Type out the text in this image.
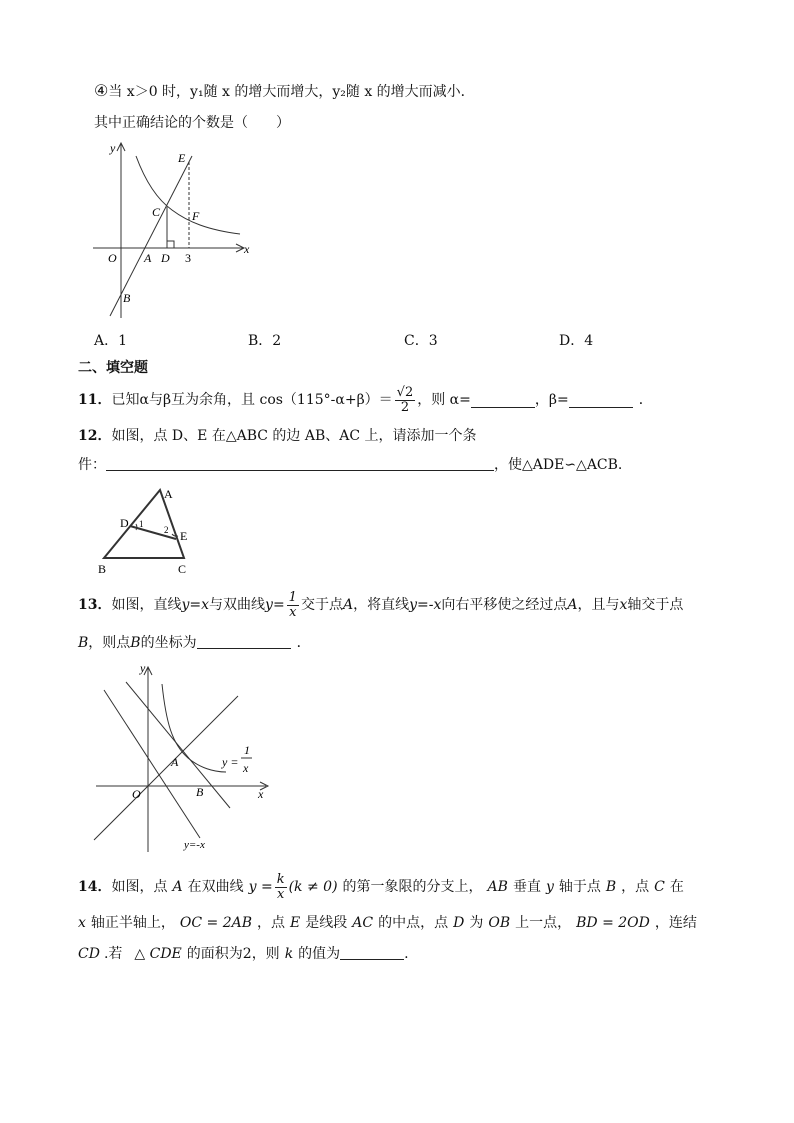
④当 x＞0 时，y₁随 x 的增大而增大，y₂随 x 的增大而减小．
其中正确结论的个数是（　　）
y
x
O A
B
C
D
E
F
3
A．1	B．2	C．3	D．4
二、填空题
11． 已知α与β互为余角，且 $\cos(115^\circ-\alpha+\beta)= \frac{√2}{2}$ ，则 α=	，β=	．
12．如图，点 D、E 在△ABC 的边 AB、AC 上，请添加一个条
件：	，使△ADE∽△ACB.
A
D 1
2 E
B	C
13． 如图，直线 y=x 与双曲线 $y= \frac{1}{x}$ 交于点 A ，将直线 y=-x 向右平移使之经过点 A ，且与 x 轴交于点
B，则点B的坐标为	．
y
x
O
A
B
y =
1
x
y=-x
14． 如图，点 A 在双曲线 $y = \frac{k}{x} (k \ne 0)$ 的第一象限的分支上， AB 垂直 y 轴于点 B ，点 C 在
x 轴正半轴上， OC = 2AB ，点 E 是线段 AC 的中点，点 D 为 OB 上一点， BD = 2OD ，连结
CD .若 △ CDE 的面积为2，则 k 的值为	.
